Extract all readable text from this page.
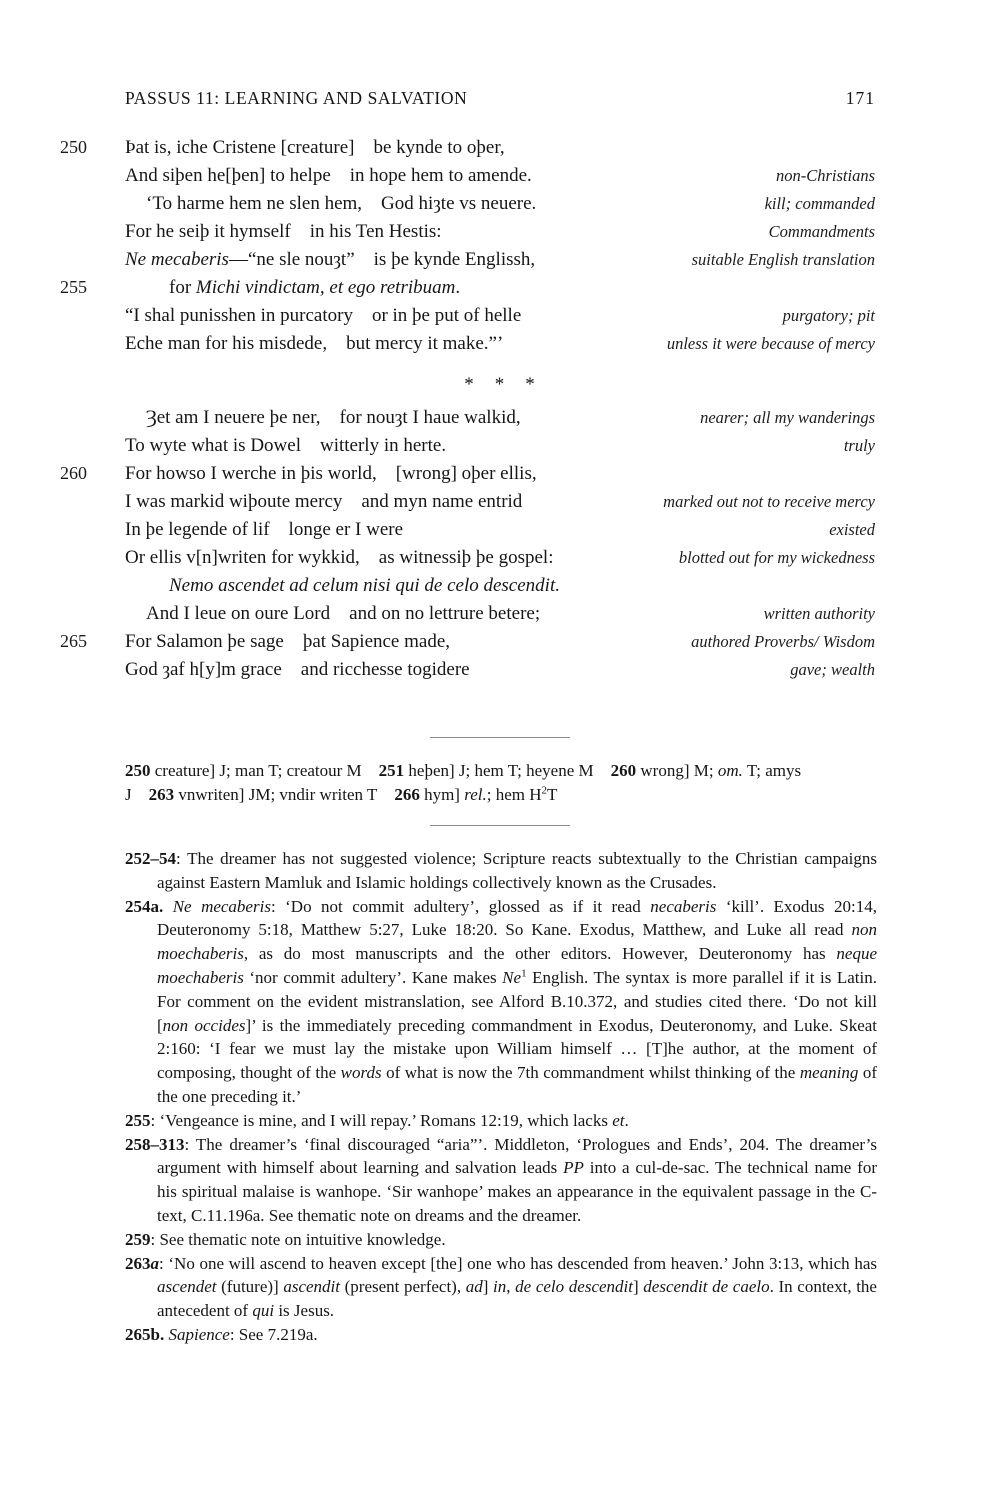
PASSUS 11: LEARNING AND SALVATION	171
250	Þat is, iche Cristene [creature] be kynde to oþer,
And siþen he[þen] to helpe in hope hem to amende.	non-Christians
‘To harme hem ne slen hem, God hiȝte vs neuere.	kill; commanded
For he seiþ it hymself in his Ten Hestis:	Commandments
Ne mecaberis—“ne sle nouȝt” is þe kynde Englissh,	suitable English translation
255	for Michi vindictam, et ego retribuam.
“I shal punisshen in purcatory or in þe put of helle	purgatory; pit
Eche man for his misdede, but mercy it make.”’	unless it were because of mercy
* * *
Ȝet am I neuere þe ner, for nouȝt I haue walkid,	nearer; all my wanderings
To wyte what is Dowel witterly in herte.	truly
260	For howso I werche in þis world, [wrong] oþer ellis,
I was markid wiþoute mercy and myn name entrid	marked out not to receive mercy
In þe legende of lif longe er I were	existed
Or ellis v[n]writen for wykkid, as witnessiþ þe gospel:	blotted out for my wickedness
Nemo ascendet ad celum nisi qui de celo descendit.
And I leue on oure Lord and on no lettrure betere;	written authority
265	For Salamon þe sage þat Sapience made,	authored Proverbs/ Wisdom
God ȝaf h[y]m grace and ricchesse togidere	gave; wealth
250 creature] J; man T; creatour M 251 heþen] J; hem T; heyene M 260 wrong] M; om. T; amys
J 263 vnwriten] JM; vndir writen T 266 hym] rel.; hem $H^2T$
252–54: The dreamer has not suggested violence; Scripture reacts subtextually to the Christian campaigns against Eastern Mamluk and Islamic holdings collectively known as the Crusades.
254a. Ne mecaberis: ‘Do not commit adultery’, glossed as if it read necaberis ‘kill’. Exodus 20:14, Deuteronomy 5:18, Matthew 5:27, Luke 18:20. So Kane. Exodus, Matthew, and Luke all read non moechaberis, as do most manuscripts and the other editors. However, Deuteronomy has neque moechaberis ‘nor commit adultery’. Kane makes Ne$^1$ English. The syntax is more parallel if it is Latin. For comment on the evident mistranslation, see Alford B.10.372, and studies cited there. ‘Do not kill [non occides]’ is the immediately preceding commandment in Exodus, Deuteronomy, and Luke. Skeat 2:160: ‘I fear we must lay the mistake upon William himself … [T]he author, at the moment of composing, thought of the words of what is now the 7th commandment whilst thinking of the meaning of the one preceding it.’
255: ‘Vengeance is mine, and I will repay.’ Romans 12:19, which lacks et.
258–313: The dreamer’s ‘final discouraged “aria”’. Middleton, ‘Prologues and Ends’, 204. The dreamer’s argument with himself about learning and salvation leads PP into a cul-de-sac. The technical name for his spiritual malaise is wanhope. ‘Sir wanhope’ makes an appearance in the equivalent passage in the C-text, C.11.196a. See thematic note on dreams and the dreamer.
259: See thematic note on intuitive knowledge.
263a: ‘No one will ascend to heaven except [the] one who has descended from heaven.’ John 3:13, which has ascendet (future)] ascendit (present perfect), ad] in, de celo descendit] descendit de caelo. In context, the antecedent of qui is Jesus.
265b. Sapience: See 7.219a.
